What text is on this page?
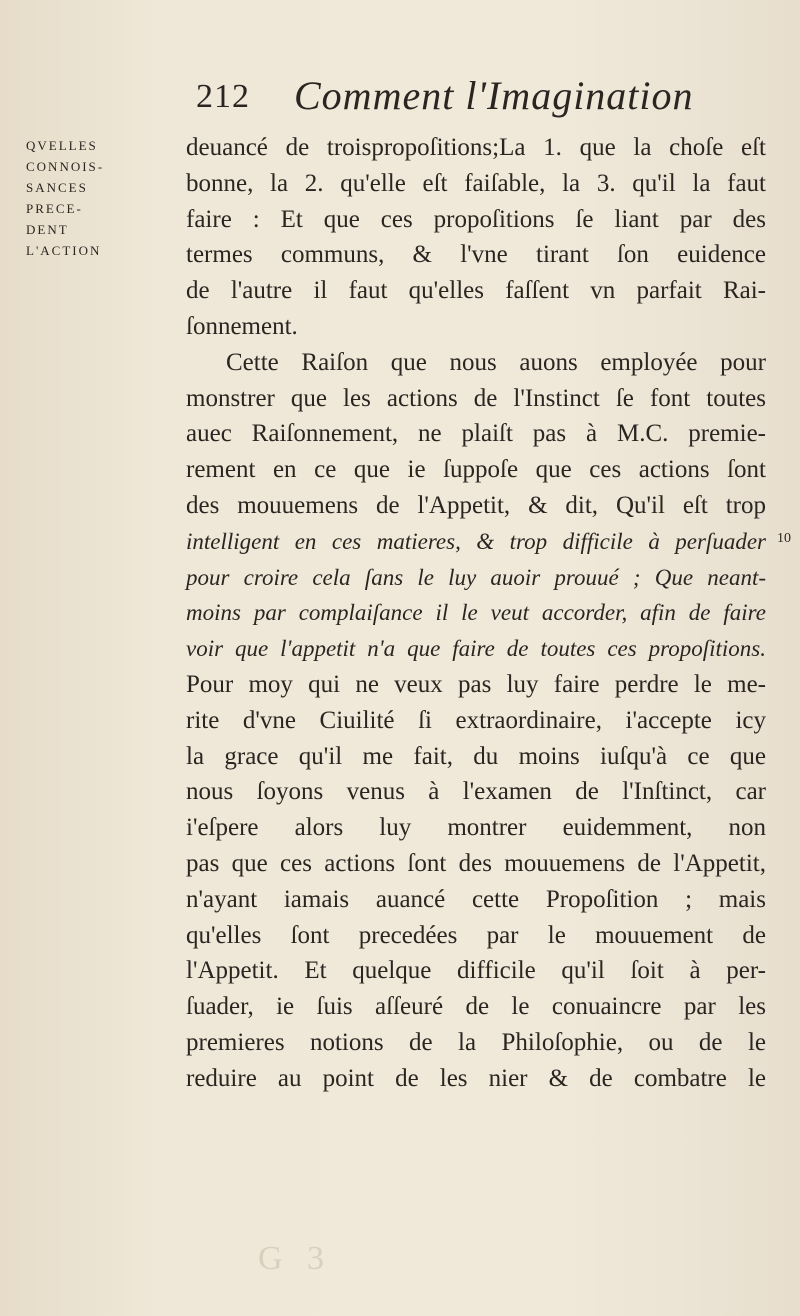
212 Comment l'Imagination
QVELLES
CONNOIS-
SANCES
PRECE-
DENT
L'ACTION
10
deuancé de troispropoſitions;La 1. que la choſe eſt
bonne, la 2. qu'elle eſt faiſable, la 3. qu'il la faut
faire : Et que ces propoſitions ſe liant par des
termes communs, & l'vne tirant ſon euidence
de l'autre il faut qu'elles faſſent vn parfait Rai-
ſonnement.
Cette Raiſon que nous auons employée pour
monstrer que les actions de l'Instinct ſe font toutes
auec Raiſonnement, ne plaiſt pas à M.C. premie-
rement en ce que ie ſuppoſe que ces actions ſont
des mouuemens de l'Appetit, & dit, Qu'il eſt trop
intelligent en ces matieres, & trop difficile à perſuader
pour croire cela ſans le luy auoir prouué ; Que neant-
moins par complaiſance il le veut accorder, afin de faire
voir que l'appetit n'a que faire de toutes ces propoſitions.
Pour moy qui ne veux pas luy faire perdre le me-
rite d'vne Ciuilité ſi extraordinaire, i'accepte icy
la grace qu'il me fait, du moins iuſqu'à ce que
nous ſoyons venus à l'examen de l'Inſtinct, car
i'eſpere alors luy montrer euidemment, non
pas que ces actions ſont des mouuemens de l'Appetit,
n'ayant iamais auancé cette Propoſition ; mais
qu'elles ſont precedées par le mouuement de
l'Appetit. Et quelque difficile qu'il ſoit à per-
ſuader, ie ſuis aſſeuré de le conuaincre par les
premieres notions de la Philoſophie, ou de le
reduire au point de les nier & de combatre le
G 3
